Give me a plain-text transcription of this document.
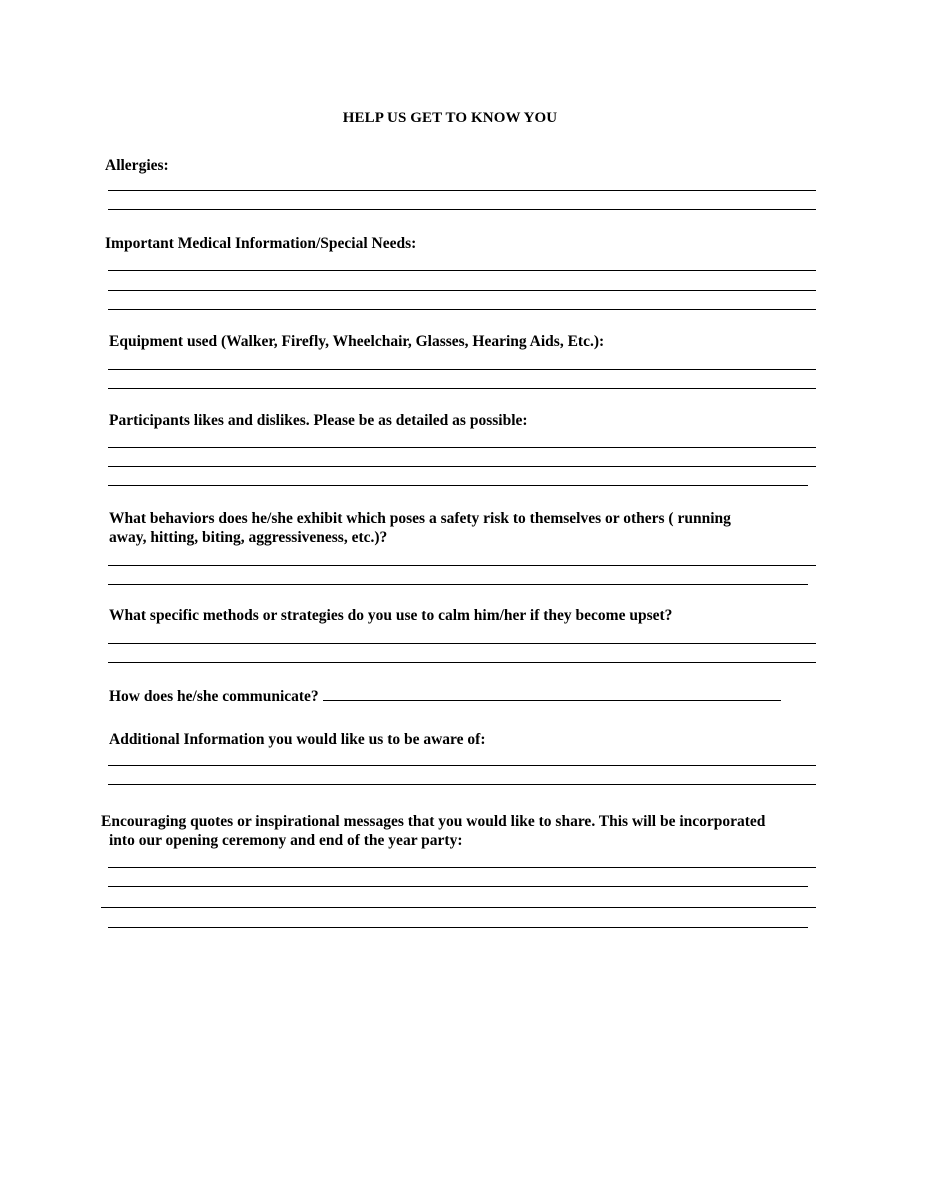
HELP US GET TO KNOW YOU
Allergies:
Important Medical Information/Special Needs:
Equipment used (Walker, Firefly, Wheelchair, Glasses, Hearing Aids, Etc.):
Participants likes and dislikes. Please be as detailed as possible:
What behaviors does he/she exhibit which poses a safety risk to themselves or others ( running
away, hitting, biting, aggressiveness, etc.)?
What specific methods or strategies do you use to calm him/her if they become upset?
How does he/she communicate?
Additional Information you would like us to be aware of:
Encouraging quotes or inspirational messages that you would like to share. This will be incorporated
into our opening ceremony and end of the year party:
